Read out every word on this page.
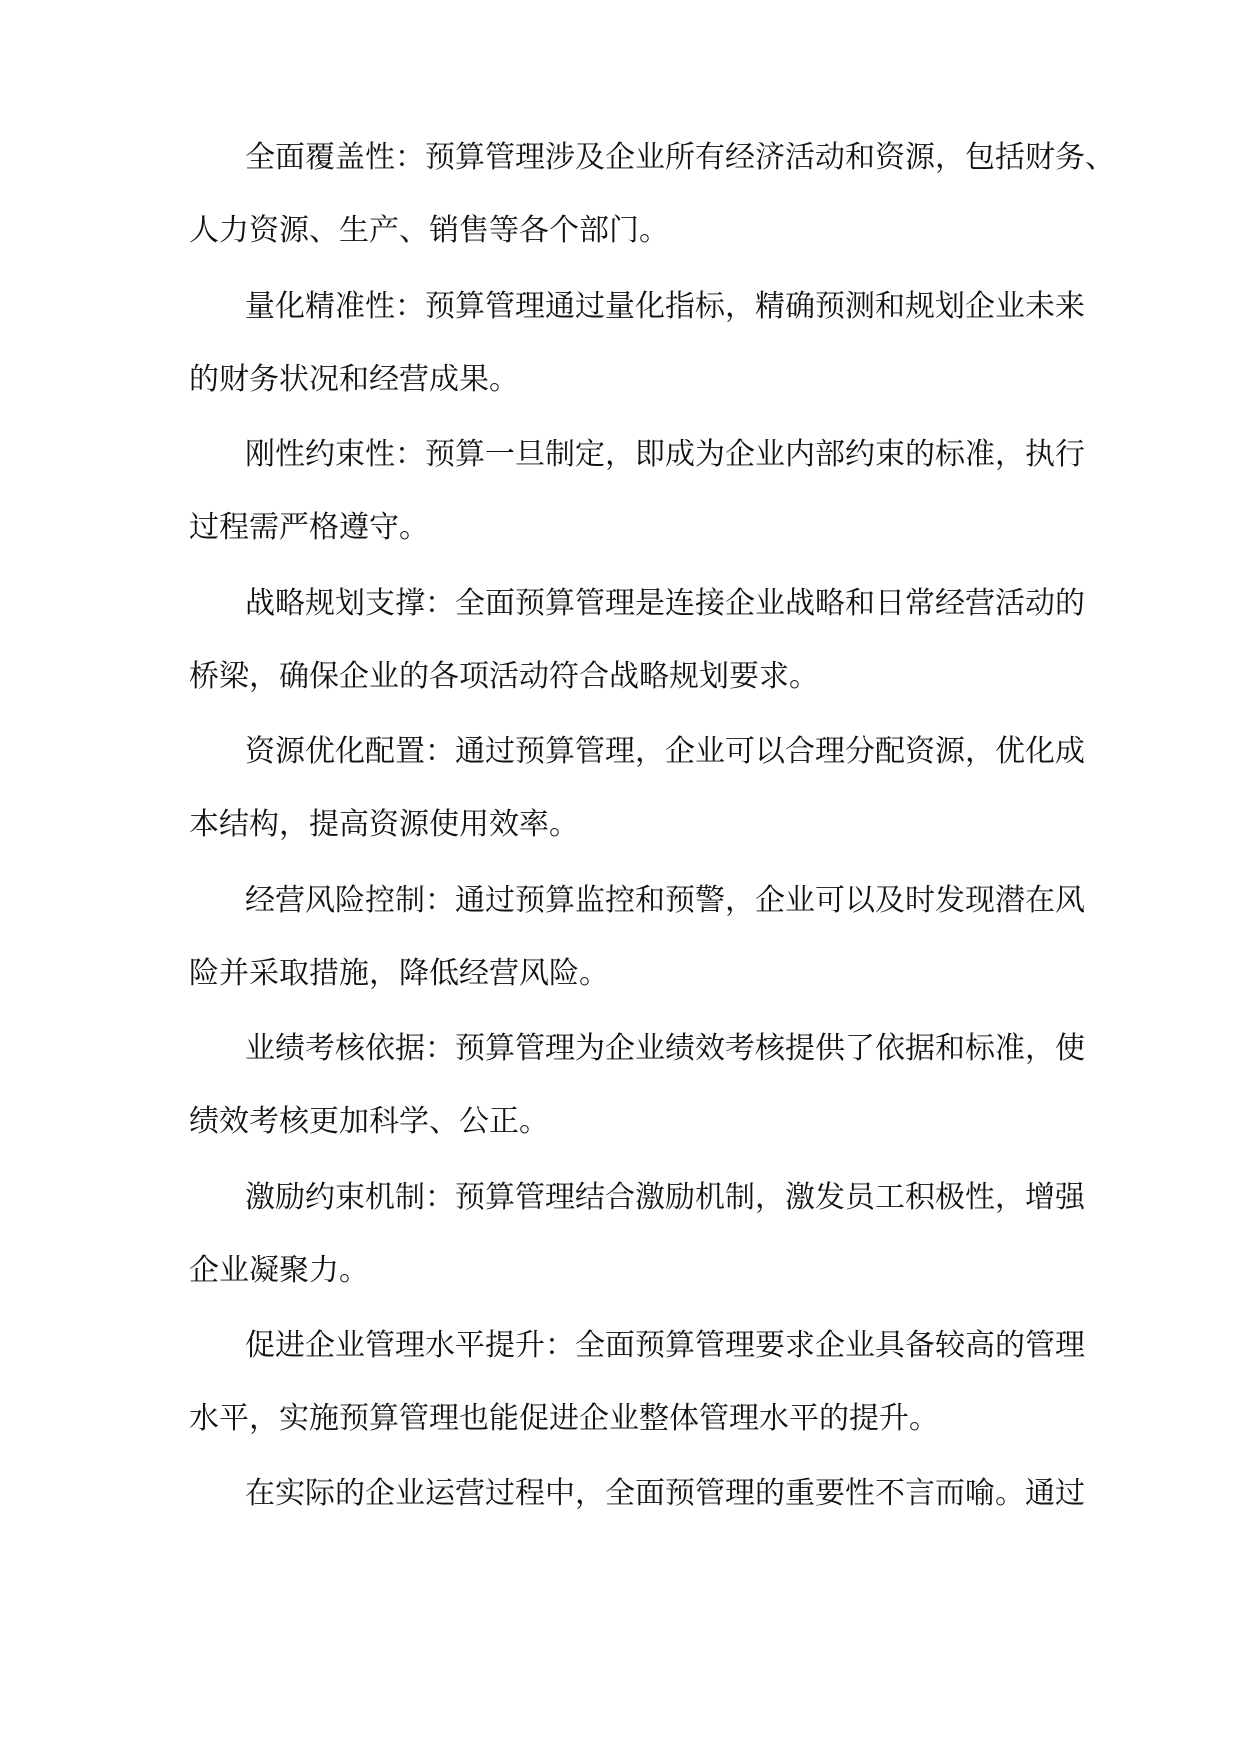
全面覆盖性：预算管理涉及企业所有经济活动和资源，包括财务、
人力资源、生产、销售等各个部门。
量化精准性：预算管理通过量化指标，精确预测和规划企业未来
的财务状况和经营成果。
刚性约束性：预算一旦制定，即成为企业内部约束的标准，执行
过程需严格遵守。
战略规划支撑：全面预算管理是连接企业战略和日常经营活动的
桥梁，确保企业的各项活动符合战略规划要求。
资源优化配置：通过预算管理，企业可以合理分配资源，优化成
本结构，提高资源使用效率。
经营风险控制：通过预算监控和预警，企业可以及时发现潜在风
险并采取措施，降低经营风险。
业绩考核依据：预算管理为企业绩效考核提供了依据和标准，使
绩效考核更加科学、公正。
激励约束机制：预算管理结合激励机制，激发员工积极性，增强
企业凝聚力。
促进企业管理水平提升：全面预算管理要求企业具备较高的管理
水平，实施预算管理也能促进企业整体管理水平的提升。
在实际的企业运营过程中，全面预管理的重要性不言而喻。通过
